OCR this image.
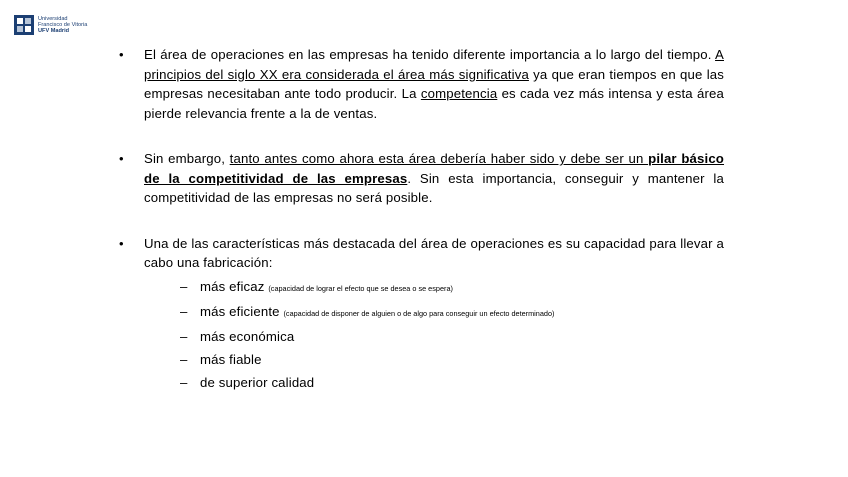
Universidad
Francisco de Vitoria
UFV Madrid
• El área de operaciones en las empresas ha tenido diferente importancia a lo largo del tiempo. A principios del siglo XX era considerada el área más significativa ya que eran tiempos en que las empresas necesitaban ante todo producir. La competencia es cada vez más intensa y esta área pierde relevancia frente a la de ventas.
• Sin embargo, tanto antes como ahora esta área debería haber sido y debe ser un pilar básico de la competitividad de las empresas. Sin esta importancia, conseguir y mantener la competitividad de las empresas no será posible.
• Una de las características más destacada del área de operaciones es su capacidad para llevar a cabo una fabricación:
– más eficaz (capacidad de lograr el efecto que se desea o se espera)
– más eficiente (capacidad de disponer de alguien o de algo para conseguir un efecto determinado)
– más económica
– más fiable
– de superior calidad
